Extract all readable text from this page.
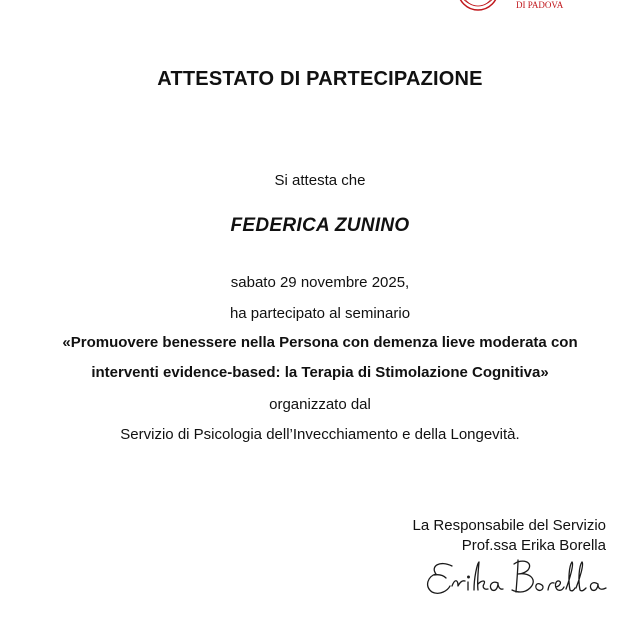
DI PADOVA
ATTESTATO DI PARTECIPAZIONE
Si attesta che
FEDERICA ZUNINO
sabato 29 novembre 2025,
ha partecipato al seminario
«Promuovere benessere nella Persona con demenza lieve moderata con
interventi evidence-based: la Terapia di Stimolazione Cognitiva»
organizzato dal
Servizio di Psicologia dell’Invecchiamento e della Longevità.
La Responsabile del Servizio
Prof.ssa Erika Borella
